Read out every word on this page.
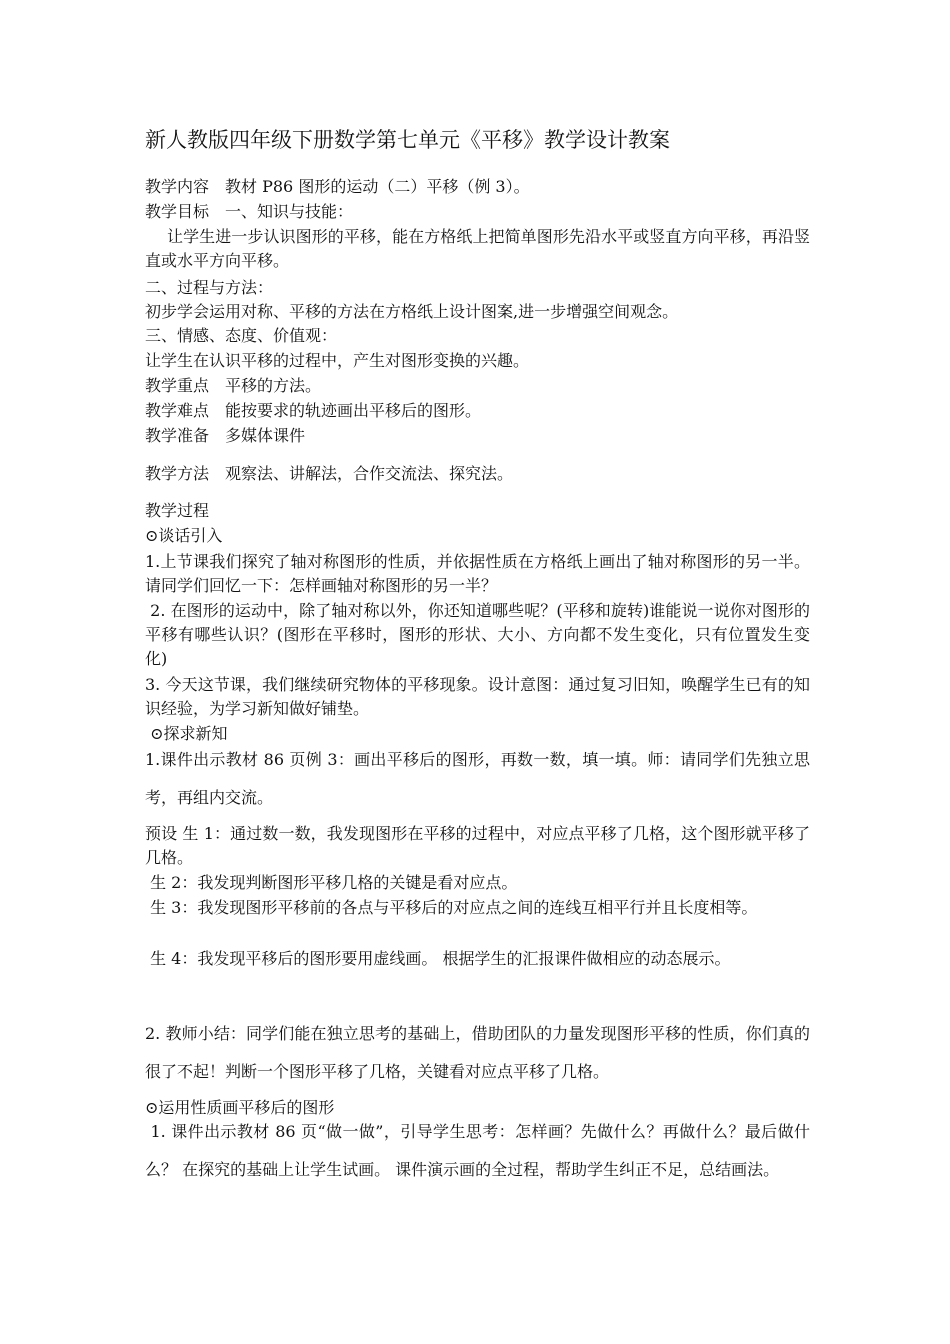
新人教版四年级下册数学第七单元《平移》教学设计教案
教学内容 教材 P86 图形的运动（二）平移（例 3）。
教学目标 一、知识与技能：
让学生进一步认识图形的平移，能在方格纸上把简单图形先沿水平或竖直方向平移，再沿竖直或水平方向平移。
二、过程与方法：
初步学会运用对称、平移的方法在方格纸上设计图案,进一步增强空间观念。
三、情感、态度、价值观：
让学生在认识平移的过程中，产生对图形变换的兴趣。
教学重点 平移的方法。
教学难点 能按要求的轨迹画出平移后的图形。
教学准备 多媒体课件
教学方法 观察法、讲解法，合作交流法、探究法。
教学过程
⊙谈话引入
1.上节课我们探究了轴对称图形的性质，并依据性质在方格纸上画出了轴对称图形的另一半。请同学们回忆一下：怎样画轴对称图形的另一半？
2. 在图形的运动中，除了轴对称以外，你还知道哪些呢？(平移和旋转)谁能说一说你对图形的平移有哪些认识？(图形在平移时，图形的形状、大小、方向都不发生变化，只有位置发生变化)
3. 今天这节课，我们继续研究物体的平移现象。设计意图：通过复习旧知，唤醒学生已有的知识经验，为学习新知做好铺垫。
⊙探求新知
1.课件出示教材 86 页例 3：画出平移后的图形，再数一数，填一填。师：请同学们先独立思考，再组内交流。
预设 生 1：通过数一数，我发现图形在平移的过程中，对应点平移了几格，这个图形就平移了几格。
生 2：我发现判断图形平移几格的关键是看对应点。
生 3：我发现图形平移前的各点与平移后的对应点之间的连线互相平行并且长度相等。
生 4：我发现平移后的图形要用虚线画。 根据学生的汇报课件做相应的动态展示。
2. 教师小结：同学们能在独立思考的基础上，借助团队的力量发现图形平移的性质，你们真的很了不起！判断一个图形平移了几格，关键看对应点平移了几格。
⊙运用性质画平移后的图形
1. 课件出示教材 86 页“做一做”，引导学生思考：怎样画？先做什么？再做什么？最后做什么？ 在探究的基础上让学生试画。 课件演示画的全过程，帮助学生纠正不足，总结画法。
